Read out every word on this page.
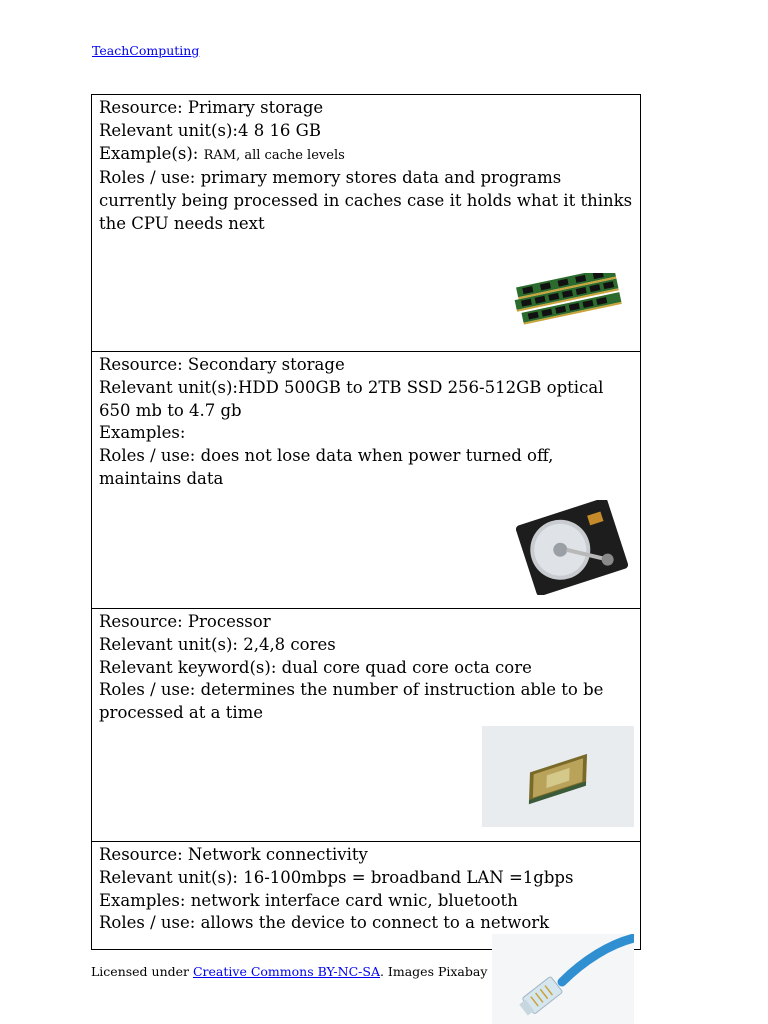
TeachComputing
Resource: Primary storage
Relevant unit(s):4 8 16 GB
Example(s): RAM, all cache levels
Roles / use: primary memory stores data and programs currently being processed in caches case it holds what it thinks the CPU needs next
Resource: Secondary storage
Relevant unit(s):HDD 500GB to 2TB SSD 256-512GB optical 650 mb to 4.7 gb
Examples:
Roles / use: does not lose data when power turned off, maintains data
Resource: Processor
Relevant unit(s): 2,4,8 cores
Relevant keyword(s): dual core quad core octa core
Roles / use: determines the number of instruction able to be processed at a time
Resource: Network connectivity
Relevant unit(s): 16-100mbps = broadband LAN =1gbps
Examples: network interface card wnic, bluetooth
Roles / use: allows the device to connect to a network
Licensed under Creative Commons BY-NC-SA. Images Pixabay
